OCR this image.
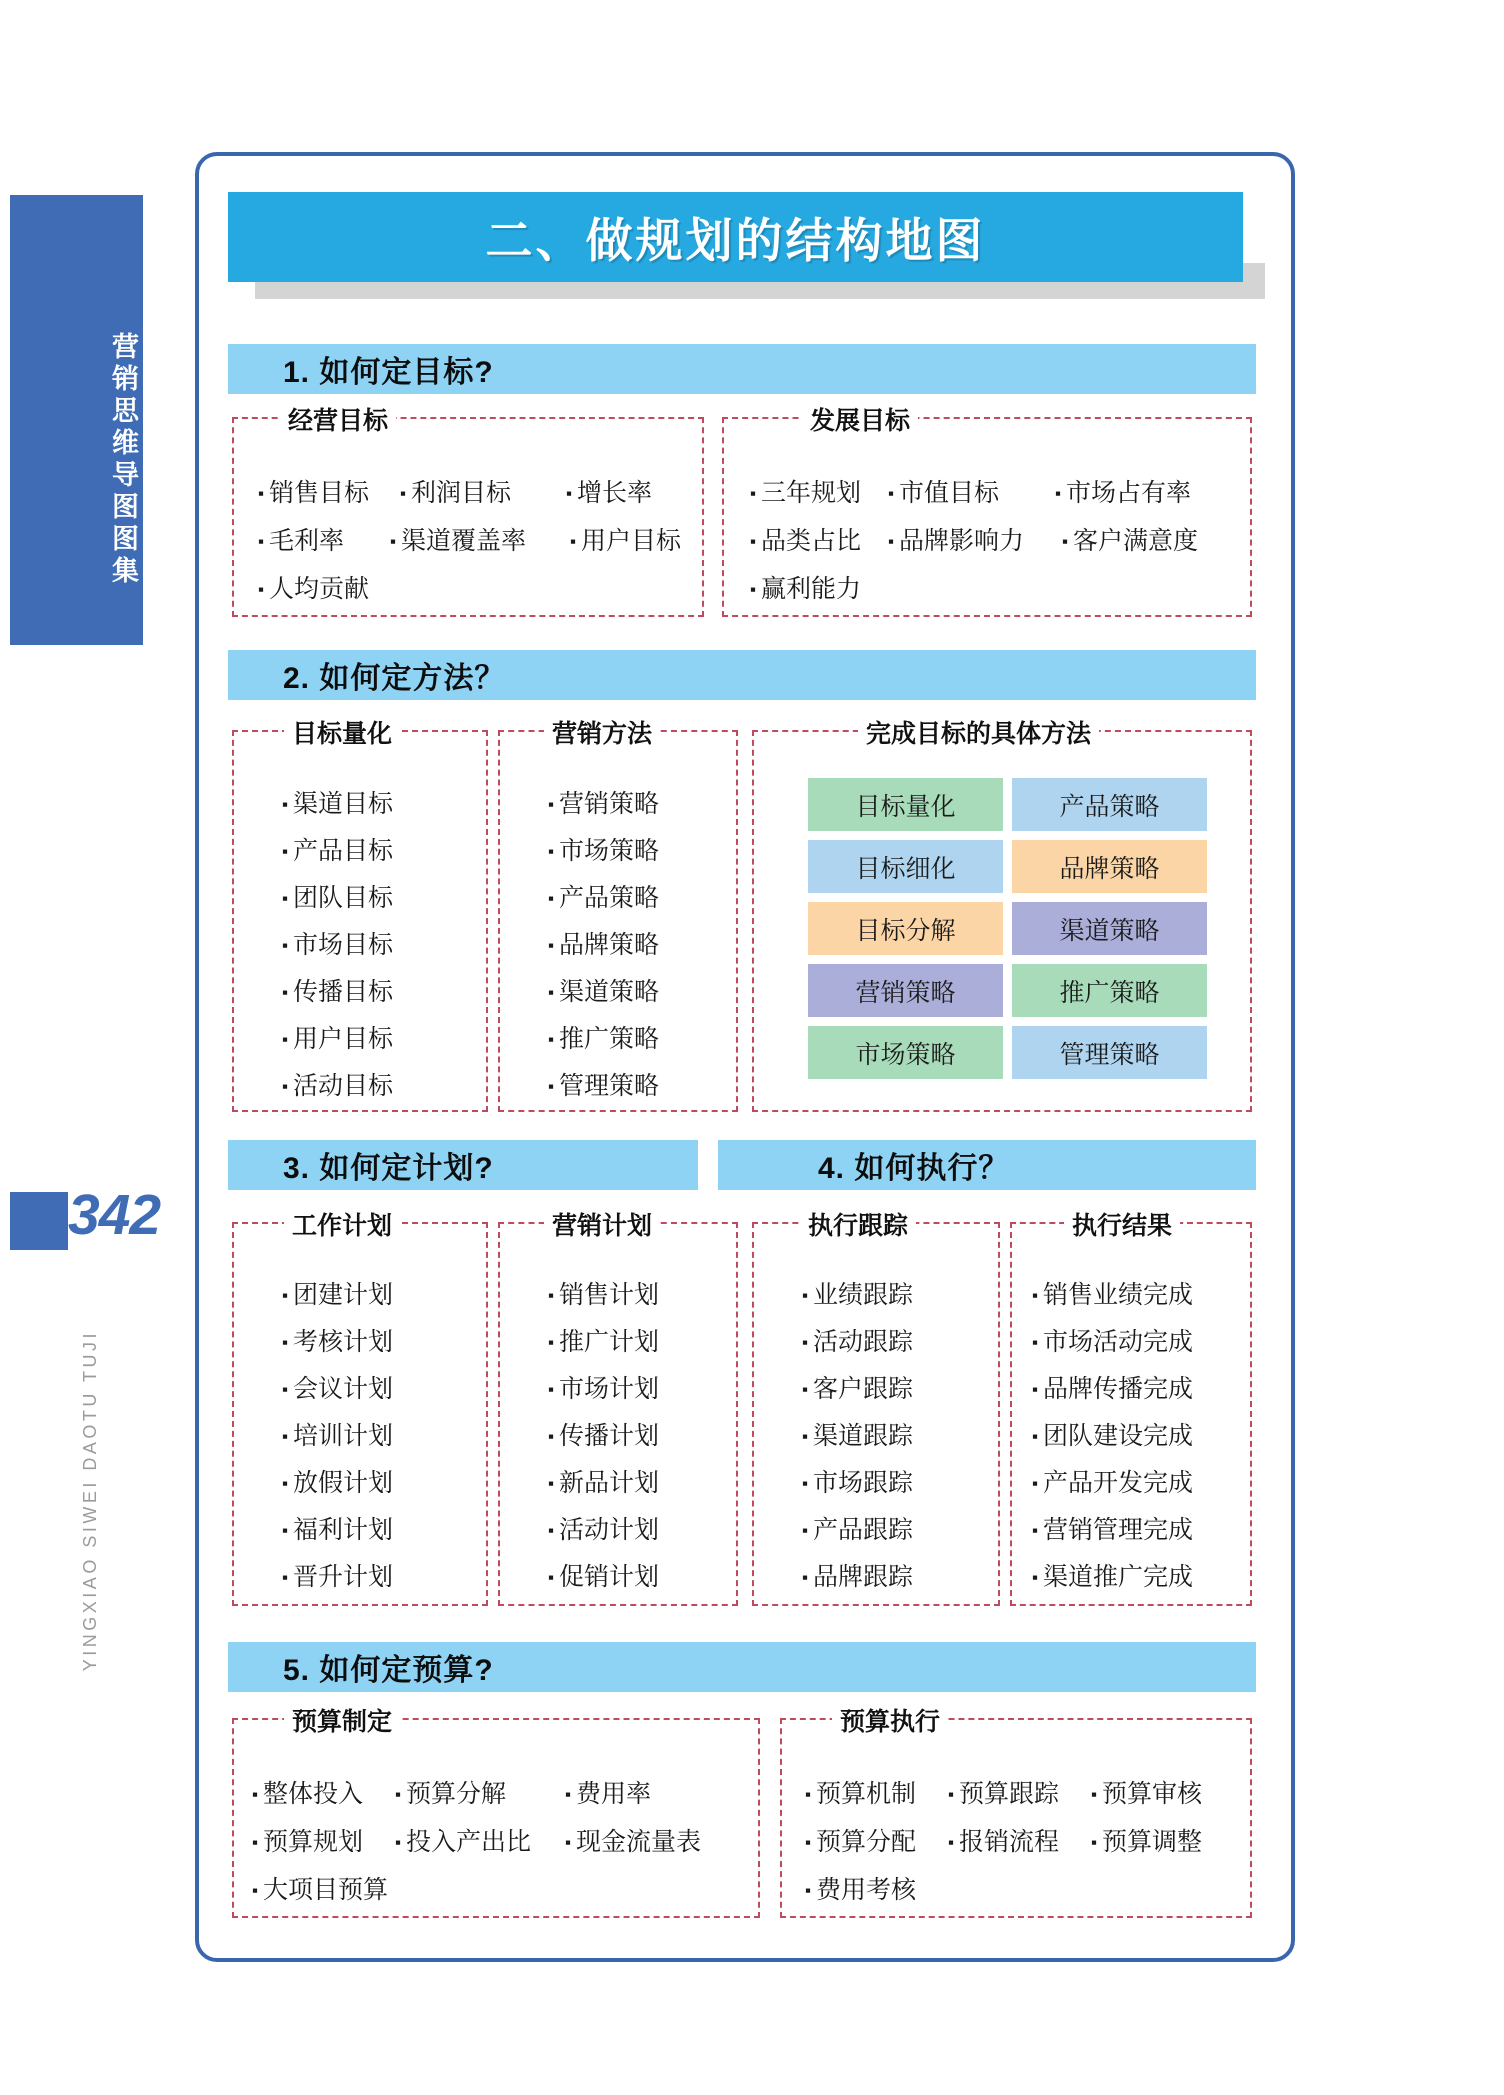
营销思维导图图集
342
YINGXIAO SIWEI DAOTU TUJI
二、做规划的结构地图
1. 如何定目标?
经营目标
▪ 销售目标	▪ 利润目标	▪ 增长率
▪ 毛利率	▪ 渠道覆盖率	▪ 用户目标
▪ 人均贡献
发展目标
▪ 三年规划	▪ 市值目标	▪ 市场占有率
▪ 品类占比	▪ 品牌影响力	▪ 客户满意度
▪ 赢利能力
2. 如何定方法？
目标量化
▪ 渠道目标
▪ 产品目标
▪ 团队目标
▪ 市场目标
▪ 传播目标
▪ 用户目标
▪ 活动目标
营销方法
▪ 营销策略
▪ 市场策略
▪ 产品策略
▪ 品牌策略
▪ 渠道策略
▪ 推广策略
▪ 管理策略
完成目标的具体方法
目标量化	产品策略
目标细化	品牌策略
目标分解	渠道策略
营销策略	推广策略
市场策略	管理策略
3. 如何定计划?	4. 如何执行？
工作计划
▪ 团建计划
▪ 考核计划
▪ 会议计划
▪ 培训计划
▪ 放假计划
▪ 福利计划
▪ 晋升计划
营销计划
▪ 销售计划
▪ 推广计划
▪ 市场计划
▪ 传播计划
▪ 新品计划
▪ 活动计划
▪ 促销计划
执行跟踪
▪ 业绩跟踪
▪ 活动跟踪
▪ 客户跟踪
▪ 渠道跟踪
▪ 市场跟踪
▪ 产品跟踪
▪ 品牌跟踪
执行结果
▪ 销售业绩完成
▪ 市场活动完成
▪ 品牌传播完成
▪ 团队建设完成
▪ 产品开发完成
▪ 营销管理完成
▪ 渠道推广完成
5. 如何定预算?
预算制定
▪ 整体投入	▪ 预算分解	▪ 费用率
▪ 预算规划	▪ 投入产出比	▪ 现金流量表
▪ 大项目预算
预算执行
▪ 预算机制	▪ 预算跟踪	▪ 预算审核
▪ 预算分配	▪ 报销流程	▪ 预算调整
▪ 费用考核
